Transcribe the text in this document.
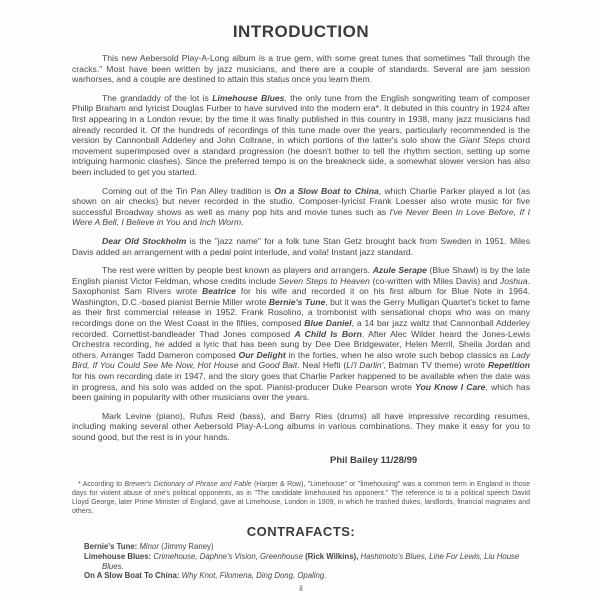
INTRODUCTION

This new Aebersold Play-A-Long album is a true gem, with some great tunes that sometimes "fall through the cracks." Most have been written by jazz musicians, and there are a couple of standards. Several are jam session warhorses, and a couple are destined to attain this status once you learn them.

The grandaddy of the lot is Limehouse Blues, the only tune from the English songwriting team of composer Philip Braham and lyricist Douglas Furber to have survived into the modern era*. It debuted in this country in 1924 after first appearing in a London revue; by the time it was finally published in this country in 1938, many jazz musicians had already recorded it. Of the hundreds of recordings of this tune made over the years, particularly recommended is the version by Cannonball Adderley and John Coltrane, in which portions of the latter's solo show the Giant Steps chord movement superimposed over a standard progression (he doesn't bother to tell the rhythm section, setting up some intriguing harmonic clashes). Since the preferred tempo is on the breakneck side, a somewhat slower version has also been included to get you started.

Coming out of the Tin Pan Alley tradition is On a Slow Boat to China, which Charlie Parker played a lot (as shown on air checks) but never recorded in the studio. Composer-lyricist Frank Loesser also wrote music for five successful Broadway shows as well as many pop hits and movie tunes such as I've Never Been In Love Before, If I Were A Bell, I Believe in You and Inch Worm.

Dear Old Stockholm is the "jazz name" for a folk tune Stan Getz brought back from Sweden in 1951. Miles Davis added an arrangement with a pedal point interlude, and voila! Instant jazz standard.

The rest were written by people best known as players and arrangers. Azule Serape (Blue Shawl) is by the late English pianist Victor Feldman, whose credits include Seven Steps to Heaven (co-written with Miles Davis) and Joshua. Saxophonist Sam Rivers wrote Beatrice for his wife and recorded it on his first album for Blue Note in 1964. Washington, D.C.-based pianist Bernie Miller wrote Bernie's Tune, but it was the Gerry Mulligan Quartet's ticket to fame as their first commercial release in 1952. Frank Rosolino, a trombonist with sensational chops who was on many recordings done on the West Coast in the fifties, composed Blue Daniel, a 14 bar jazz waltz that Cannonball Adderley recorded. Cornettist-bandleader Thad Jones composed A Child Is Born. After Alec Wilder heard the Jones-Lewis Orchestra recording, he added a lyric that has been sung by Dee Dee Bridgewater, Helen Merril, Sheila Jordan and others. Arranger Tadd Dameron composed Our Delight in the forties, when he also wrote such bebop classics as Lady Bird, If You Could See Me Now, Hot House and Good Bait. Neal Hefti (Li'l Darlin', Batman TV theme) wrote Repetition for his own recording date in 1947, and the story goes that Charlie Parker happened to be available when the date was in progress, and his solo was added on the spot. Pianist-producer Duke Pearson wrote You Know I Care, which has been gaining in popularity with other musicians over the years.

Mark Levine (piano), Rufus Reid (bass), and Barry Ries (drums) all have impressive recording resumes, including making several other Aebersold Play-A-Long albums in various combinations. They make it easy for you to sound good, but the rest is in your hands.

Phil Bailey 11/28/99
* According to Brewer's Dictionary of Phrase and Fable (Harper & Row), "Limehouse" or "limehousing" was a common term in England in those days for violent abuse of one's political opponents, as in "The candidate limehoused his opponent." The reference is to a political speech David Lloyd George, later Prime Minister of England, gave at Limehouse, London in 1909, in which he trashed dukes, landlords, financial magnates and others.
CONTRAFACTS:
Bernie's Tune: Minor (Jimmy Raney)
Limehouse Blues: Crimehouse, Daphne's Vision, Greenhouse (Rick Wilkins), Hashimoto's Blues, Line For Lewis, Liu House Blues.
On A Slow Boat To China: Why Knot, Filomena, Ding Dong, Opaling.
ii
